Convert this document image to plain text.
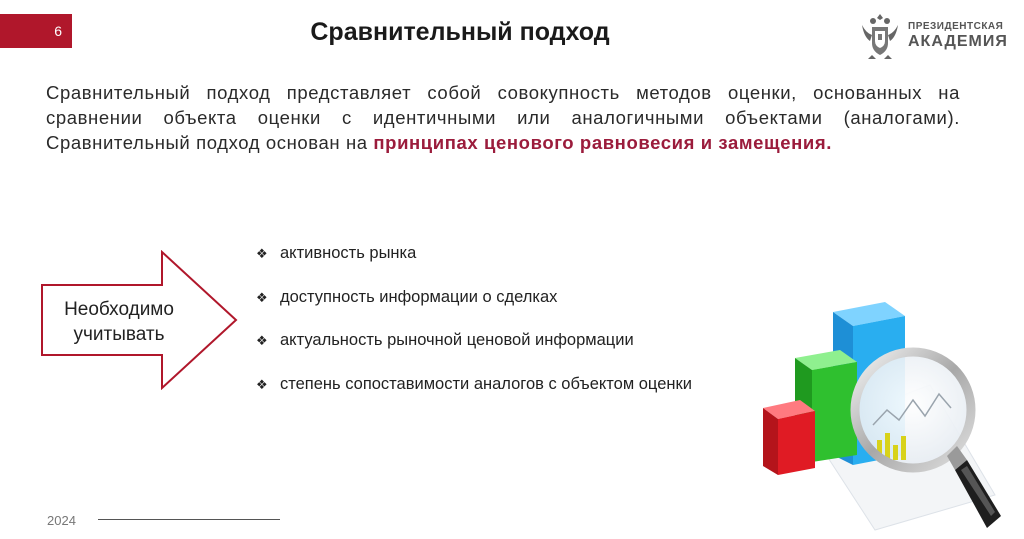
6	Сравнительный подход	ПРЕЗИДЕНТСКАЯ
АКАДЕМИЯ

Сравнительный подход представляет собой совокупность методов оценки, основанных на сравнении объекта оценки с идентичными или аналогичными объектами (аналогами). Сравнительный подход основан на принципах ценового равновесия и замещения.

Необходимо учитывать
❖ активность рынка
❖ доступность информации о сделках
❖ актуальность рыночной ценовой информации
❖ степень сопоставимости аналогов с объектом оценки
2024
